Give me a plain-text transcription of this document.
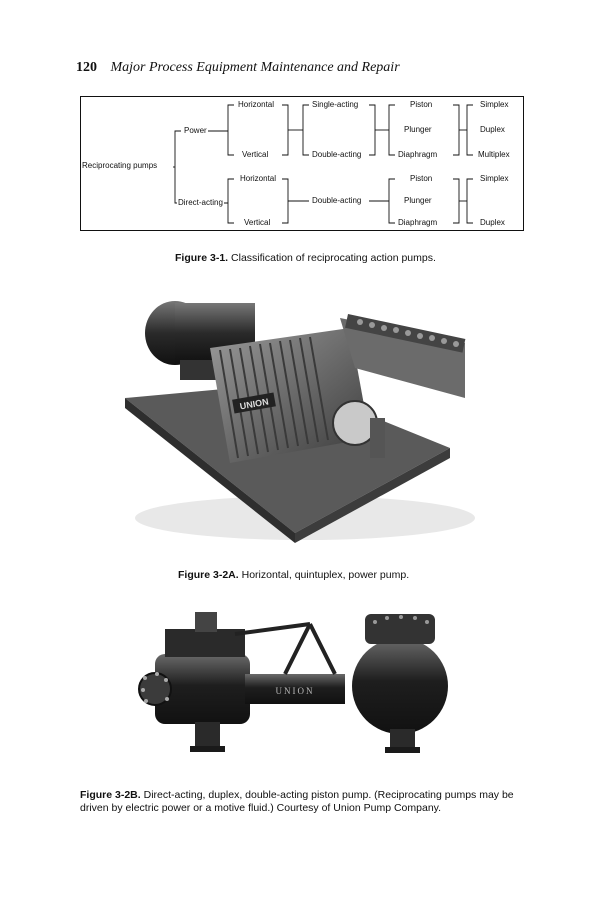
120 Major Process Equipment Maintenance and Repair
Reciprocating pumps
Power
Direct-acting
Horizontal
Vertical
Single-acting
Double-acting
Piston
Plunger
Diaphragm
Simplex
Duplex
Multiplex
Horizontal
Vertical
Double-acting
Piston
Plunger
Diaphragm
Simplex
Duplex
Figure 3-1. Classification of reciprocating action pumps.
UNION
Figure 3-2A. Horizontal, quintuplex, power pump.
UNION
Figure 3-2B. Direct-acting, duplex, double-acting piston pump. (Reciprocating pumps may be driven by electric power or a motive fluid.) Courtesy of Union Pump Company.
